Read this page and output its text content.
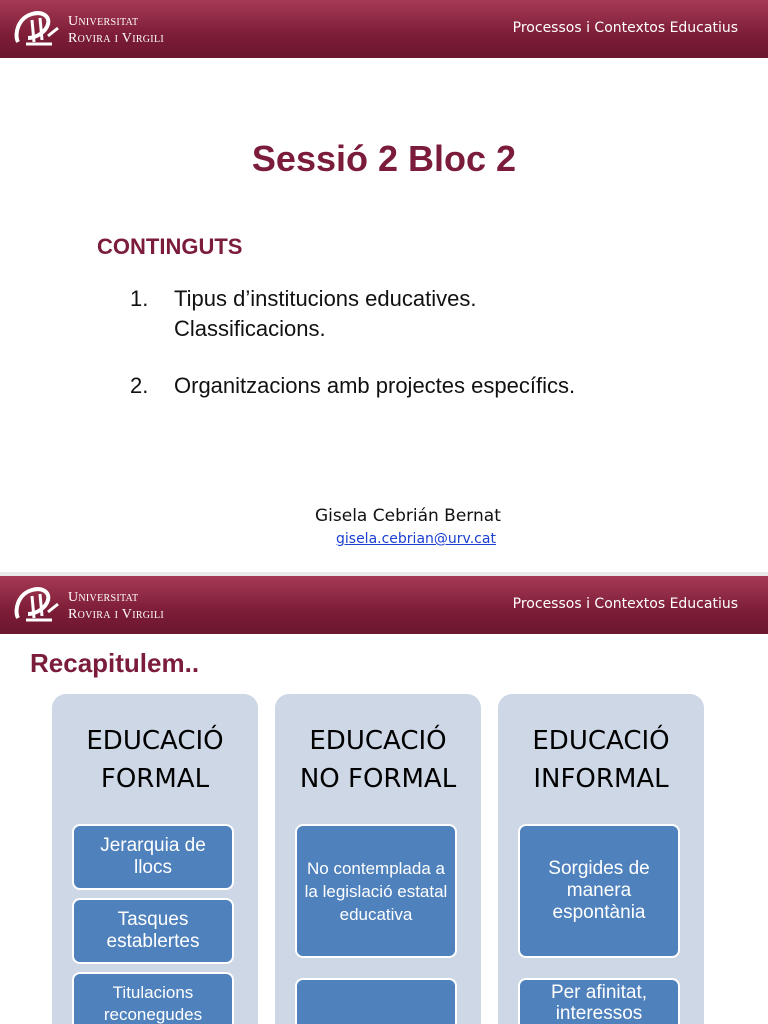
Universitat
Rovira i Virgili
Processos i Contextos Educatius
Sessió 2 Bloc 2
CONTINGUTS
1. Tipus d’institucions educatives.
Classificacions.
2. Organitzacions amb projectes específics.
Gisela Cebrián Bernat
gisela.cebrian@urv.cat
Universitat
Rovira i Virgili
Processos i Contextos Educatius
Recapitulem..
EDUCACIÓ
FORMAL
Jerarquia de llocs
Tasques establertes
Titulacions reconegudes
EDUCACIÓ
NO FORMAL
No contemplada a la legislació estatal educativa
EDUCACIÓ
INFORMAL
Sorgides de manera espontània
Per afinitat, interessos
